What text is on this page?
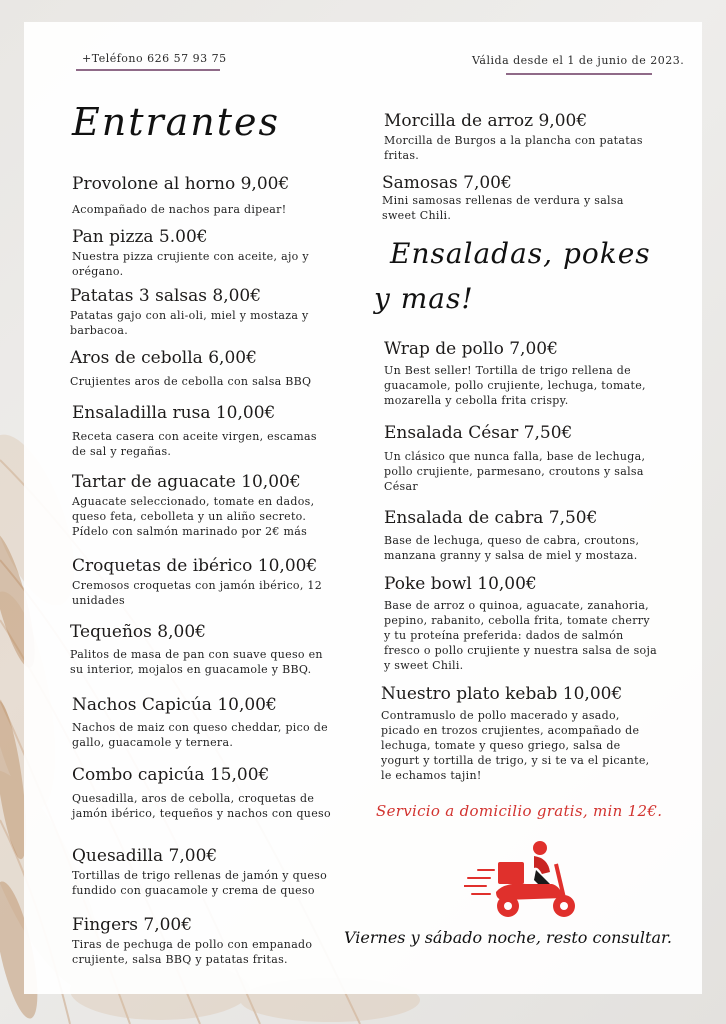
+Teléfono 626 57 93 75	Válida desde el 1 de junio de 2023.
Entrantes
Provolone al horno 9,00€
Acompañado de nachos para dipear!
Pan pizza 5.00€
Nuestra pizza crujiente con aceite, ajo y orégano.
Patatas 3 salsas 8,00€
Patatas gajo con ali-oli, miel y mostaza y barbacoa.
Aros de cebolla 6,00€
Crujientes aros de cebolla con salsa BBQ
Ensaladilla rusa 10,00€
Receta casera con aceite virgen, escamas de sal y regañas.
Tartar de aguacate 10,00€
Aguacate seleccionado, tomate en dados, queso feta, cebolleta y un aliño secreto. Pídelo con salmón marinado por 2€ más
Croquetas de ibérico 10,00€
Cremosos croquetas con jamón ibérico, 12 unidades
Tequeños 8,00€
Palitos de masa de pan con suave queso en su interior, mojalos en guacamole y BBQ.
Nachos Capicúa 10,00€
Nachos de maiz con queso cheddar, pico de gallo, guacamole y ternera.
Combo capicúa 15,00€
Quesadilla, aros de cebolla, croquetas de jamón ibérico, tequeños y nachos con queso
Quesadilla 7,00€
Tortillas de trigo rellenas de jamón y queso fundido con guacamole y crema de queso
Fingers 7,00€
Tiras de pechuga de pollo con empanado crujiente, salsa BBQ y patatas fritas.
Morcilla de arroz 9,00€
Morcilla de Burgos a la plancha con patatas fritas.
Samosas 7,00€
Mini samosas rellenas de verdura y salsa sweet Chili.
Ensaladas, pokes
y mas!
Wrap de pollo 7,00€
Un Best seller! Tortilla de trigo rellena de guacamole, pollo crujiente, lechuga, tomate, mozarella y cebolla frita crispy.
Ensalada César 7,50€
Un clásico que nunca falla, base de lechuga, pollo crujiente, parmesano, croutons y salsa César
Ensalada de cabra 7,50€
Base de lechuga, queso de cabra, croutons, manzana granny y salsa de miel y mostaza.
Poke bowl 10,00€
Base de arroz o quinoa, aguacate, zanahoria, pepino, rabanito, cebolla frita, tomate cherry y tu proteína preferida: dados de salmón fresco o pollo crujiente y nuestra salsa de soja y sweet Chili.
Nuestro plato kebab 10,00€
Contramuslo de pollo macerado y asado, picado en trozos crujientes, acompañado de lechuga, tomate y queso griego, salsa de yogurt y tortilla de trigo, y si te va el picante, le echamos tajin!
Servicio a domicilio gratis, min 12€.
Viernes y sábado noche, resto consultar.
